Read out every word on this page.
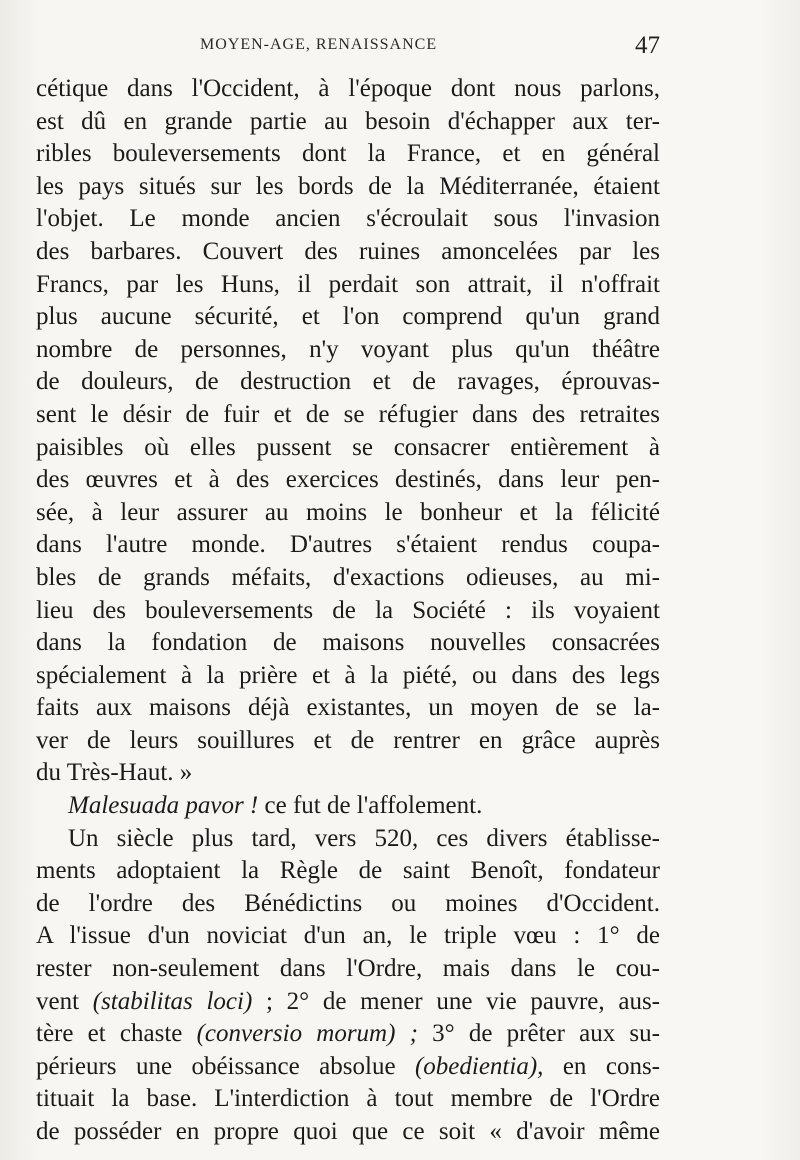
MOYEN-AGE, RENAISSANCE	47
cétique dans l'Occident, à l'époque dont nous parlons,
est dû en grande partie au besoin d'échapper aux ter-
ribles bouleversements dont la France, et en général
les pays situés sur les bords de la Méditerranée, étaient
l'objet. Le monde ancien s'écroulait sous l'invasion
des barbares. Couvert des ruines amoncelées par les
Francs, par les Huns, il perdait son attrait, il n'offrait
plus aucune sécurité, et l'on comprend qu'un grand
nombre de personnes, n'y voyant plus qu'un théâtre
de douleurs, de destruction et de ravages, éprouvas-
sent le désir de fuir et de se réfugier dans des retraites
paisibles où elles pussent se consacrer entièrement à
des œuvres et à des exercices destinés, dans leur pen-
sée, à leur assurer au moins le bonheur et la félicité
dans l'autre monde. D'autres s'étaient rendus coupa-
bles de grands méfaits, d'exactions odieuses, au mi-
lieu des bouleversements de la Société : ils voyaient
dans la fondation de maisons nouvelles consacrées
spécialement à la prière et à la piété, ou dans des legs
faits aux maisons déjà existantes, un moyen de se la-
ver de leurs souillures et de rentrer en grâce auprès
du Très-Haut. »
Malesuada pavor ! ce fut de l'affolement.
Un siècle plus tard, vers 520, ces divers établisse-
ments adoptaient la Règle de saint Benoît, fondateur
de l'ordre des Bénédictins ou moines d'Occident.
A l'issue d'un noviciat d'un an, le triple vœu : 1° de
rester non-seulement dans l'Ordre, mais dans le cou-
vent (stabilitas loci) ; 2° de mener une vie pauvre, aus-
tère et chaste (conversio morum) ; 3° de prêter aux su-
périeurs une obéissance absolue (obedientia), en cons-
tituait la base. L'interdiction à tout membre de l'Ordre
de posséder en propre quoi que ce soit « d'avoir même
